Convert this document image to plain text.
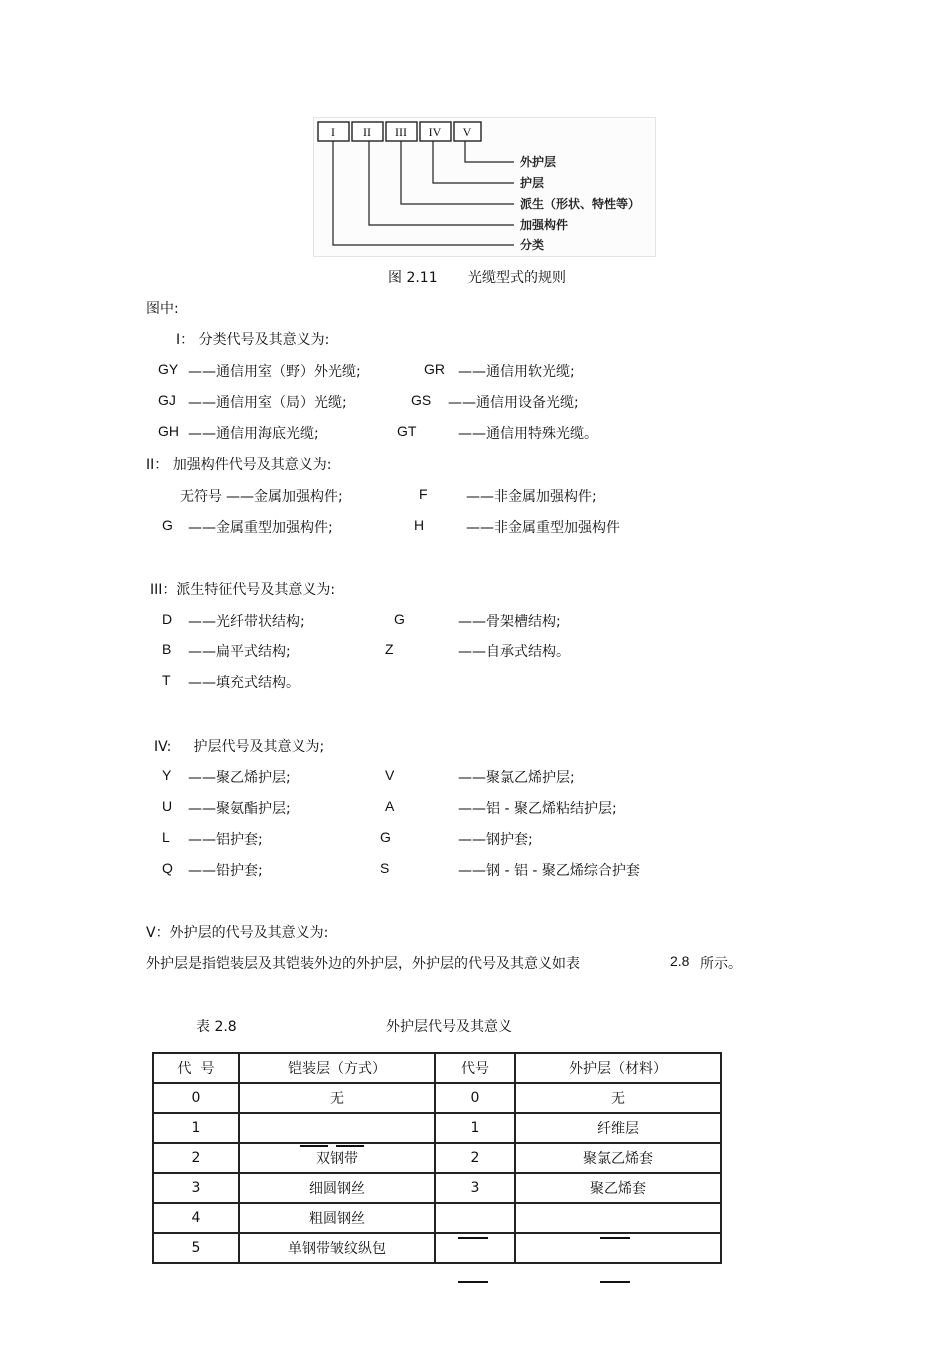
I II III IV V
外护层
护层
派生（形状、特性等）
加强构件
分类
图 2.11 光缆型式的规则
图中:
I： 分类代号及其意义为:
GY ——通信用室（野）外光缆;	GR ——通信用软光缆;
GJ ——通信用室（局）光缆;	GS ——通信用设备光缆;
GH ——通信用海底光缆;	GT	——通信用特殊光缆。
II： 加强构件代号及其意义为:
无符号 ——金属加强构件;	F	——非金属加强构件;
G ——金属重型加强构件;	H	——非金属重型加强构件
III：派生特征代号及其意义为:
D ——光纤带状结构;	G	——骨架槽结构;
B ——扁平式结构;	Z	——自承式结构。
T ——填充式结构。
IV:     护层代号及其意义为;
Y ——聚乙烯护层;	V	——聚氯乙烯护层;
U ——聚氨酯护层;	A	——铝 - 聚乙烯粘结护层;
L ——铝护套;	G	——钢护套;
Q ——铅护套;	S	——钢 - 铝 - 聚乙烯综合护套
V：外护层的代号及其意义为:
外护层是指铠装层及其铠装外边的外护层，外护层的代号及其意义如表	2.8 所示。
表 2.8	外护层代号及其意义
代  号	铠装层（方式）	代号	外护层（材料）
0	无	0	无
1		1	纤维层
2	双钢带	2	聚氯乙烯套
3	细圆钢丝	3	聚乙烯套
4	粗圆钢丝		
5	单钢带皱纹纵包	
